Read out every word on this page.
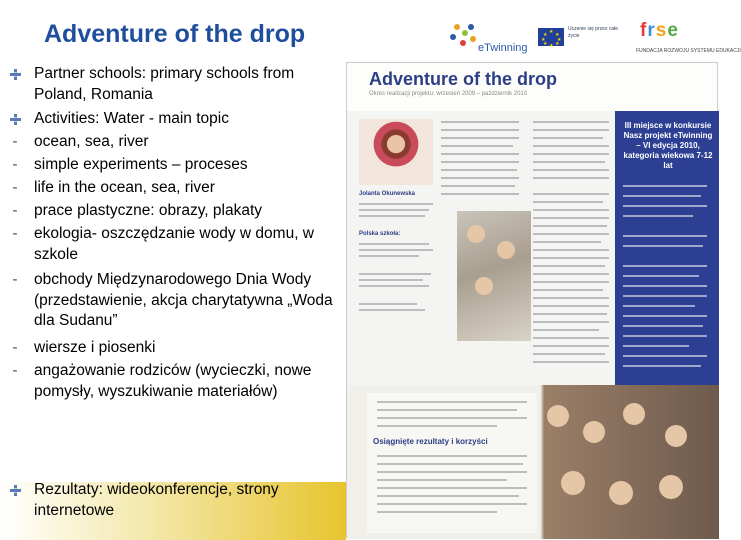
Adventure of the drop	eTwinning
★ ★
★
★
★
★
★
★
Uczenie się przez całe życie	frse
FUNDACJA ROZWOJU SYSTEMU EDUKACJI
Partner schools: primary schools from Poland, Romania
Activities: Water - main topic
-	ocean, sea, river
-	simple experiments – proceses
-	life in the ocean, sea, river
-	prace plastyczne: obrazy, plakaty
-	ekologia- oszczędzanie wody w domu, w szkole
-	obchody Międzynarodowego Dnia Wody (przedstawienie, akcja charytatywna „Woda dla Sudanu”
-	wiersze i piosenki
-	angażowanie rodziców (wycieczki, nowe pomysły, wyszukiwanie materiałów)
Rezultaty: wideokonferencje, strony internetowe
Adventure of the drop
Okres realizacji projektu: wrzesień 2009 – październik 2010
Jolanta Okunewska
Polska szkoła:
III miejsce w konkursie Nasz projekt eTwinning – VI edycja 2010, kategoria wiekowa 7-12 lat
Osiągnięte rezultaty i korzyści
